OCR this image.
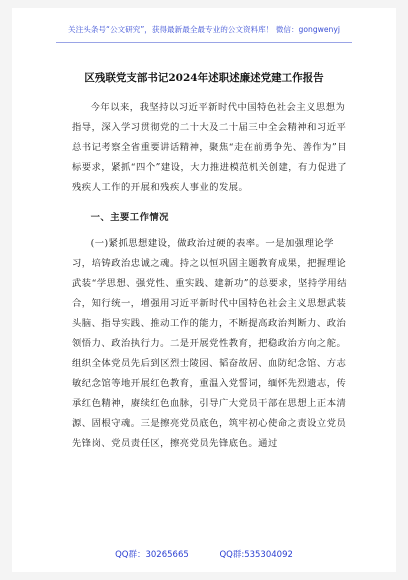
关注头条号“公文研究”，获得最新最全最专业的公文资料库！ 微信：gongwenyj
区残联党支部书记2024年述职述廉述党建工作报告

今年以来，我坚持以习近平新时代中国特色社会主义思想为指导，深入学习贯彻党的二十大及二十届三中全会精神和习近平总书记考察全省重要讲话精神，聚焦“走在前勇争先、善作为”目标要求，紧抓“四个”建设，大力推进模范机关创建，有力促进了残疾人工作的开展和残疾人事业的发展。

一、主要工作情况

(一)紧抓思想建设，做政治过硬的表率。一是加强理论学习，培铸政治忠诚之魂。持之以恒巩固主题教育成果，把握理论武装“学思想、强党性、重实践、建新功”的总要求，坚持学用结合，知行统一，增强用习近平新时代中国特色社会主义思想武装头脑、指导实践、推动工作的能力，不断提高政治判断力、政治领悟力、政治执行力。二是开展党性教育，把稳政治方向之舵。组织全体党员先后到区烈士陵园、韬奋故居、血防纪念馆、方志敏纪念馆等地开展红色教育，重温入党誓词，缅怀先烈遗志，传承红色精神，赓续红色血脉，引导广大党员干部在思想上正本清源、固根守魂。三是擦亮党员底色，筑牢初心使命之责设立党员先锋岗、党员责任区，擦亮党员先锋底色。通过

QQ群：30265665	QQ群:535304092
